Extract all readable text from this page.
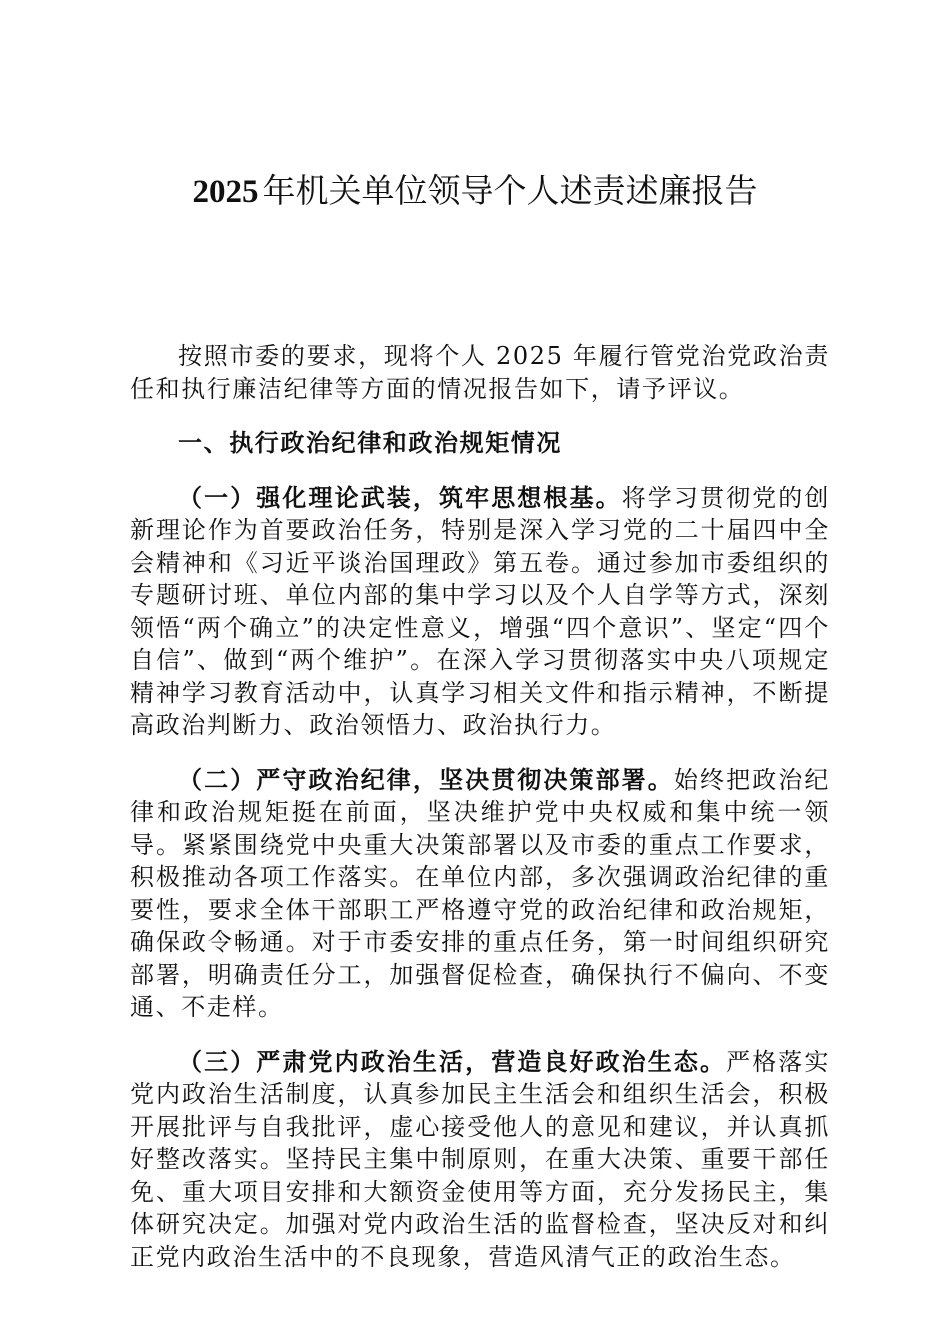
2025 年机关单位领导个人述责述廉报告

按照市委的要求，现将个人 2025 年履行管党治党政治责任和执行廉洁纪律等方面的情况报告如下，请予评议。

一、执行政治纪律和政治规矩情况

（一）强化理论武装，筑牢思想根基。将学习贯彻党的创新理论作为首要政治任务，特别是深入学习党的二十届四中全会精神和《习近平谈治国理政》第五卷。通过参加市委组织的专题研讨班、单位内部的集中学习以及个人自学等方式，深刻领悟“两个确立”的决定性意义，增强“四个意识”、坚定“四个自信”、做到“两个维护”。在深入学习贯彻落实中央八项规定精神学习教育活动中，认真学习相关文件和指示精神，不断提高政治判断力、政治领悟力、政治执行力。

（二）严守政治纪律，坚决贯彻决策部署。始终把政治纪律和政治规矩挺在前面，坚决维护党中央权威和集中统一领导。紧紧围绕党中央重大决策部署以及市委的重点工作要求，积极推动各项工作落实。在单位内部，多次强调政治纪律的重要性，要求全体干部职工严格遵守党的政治纪律和政治规矩，确保政令畅通。对于市委安排的重点任务，第一时间组织研究部署，明确责任分工，加强督促检查，确保执行不偏向、不变通、不走样。

（三）严肃党内政治生活，营造良好政治生态。严格落实党内政治生活制度，认真参加民主生活会和组织生活会，积极开展批评与自我批评，虚心接受他人的意见和建议，并认真抓好整改落实。坚持民主集中制原则，在重大决策、重要干部任免、重大项目安排和大额资金使用等方面，充分发扬民主，集体研究决定。加强对党内政治生活的监督检查，坚决反对和纠正党内政治生活中的不良现象，营造风清气正的政治生态。
